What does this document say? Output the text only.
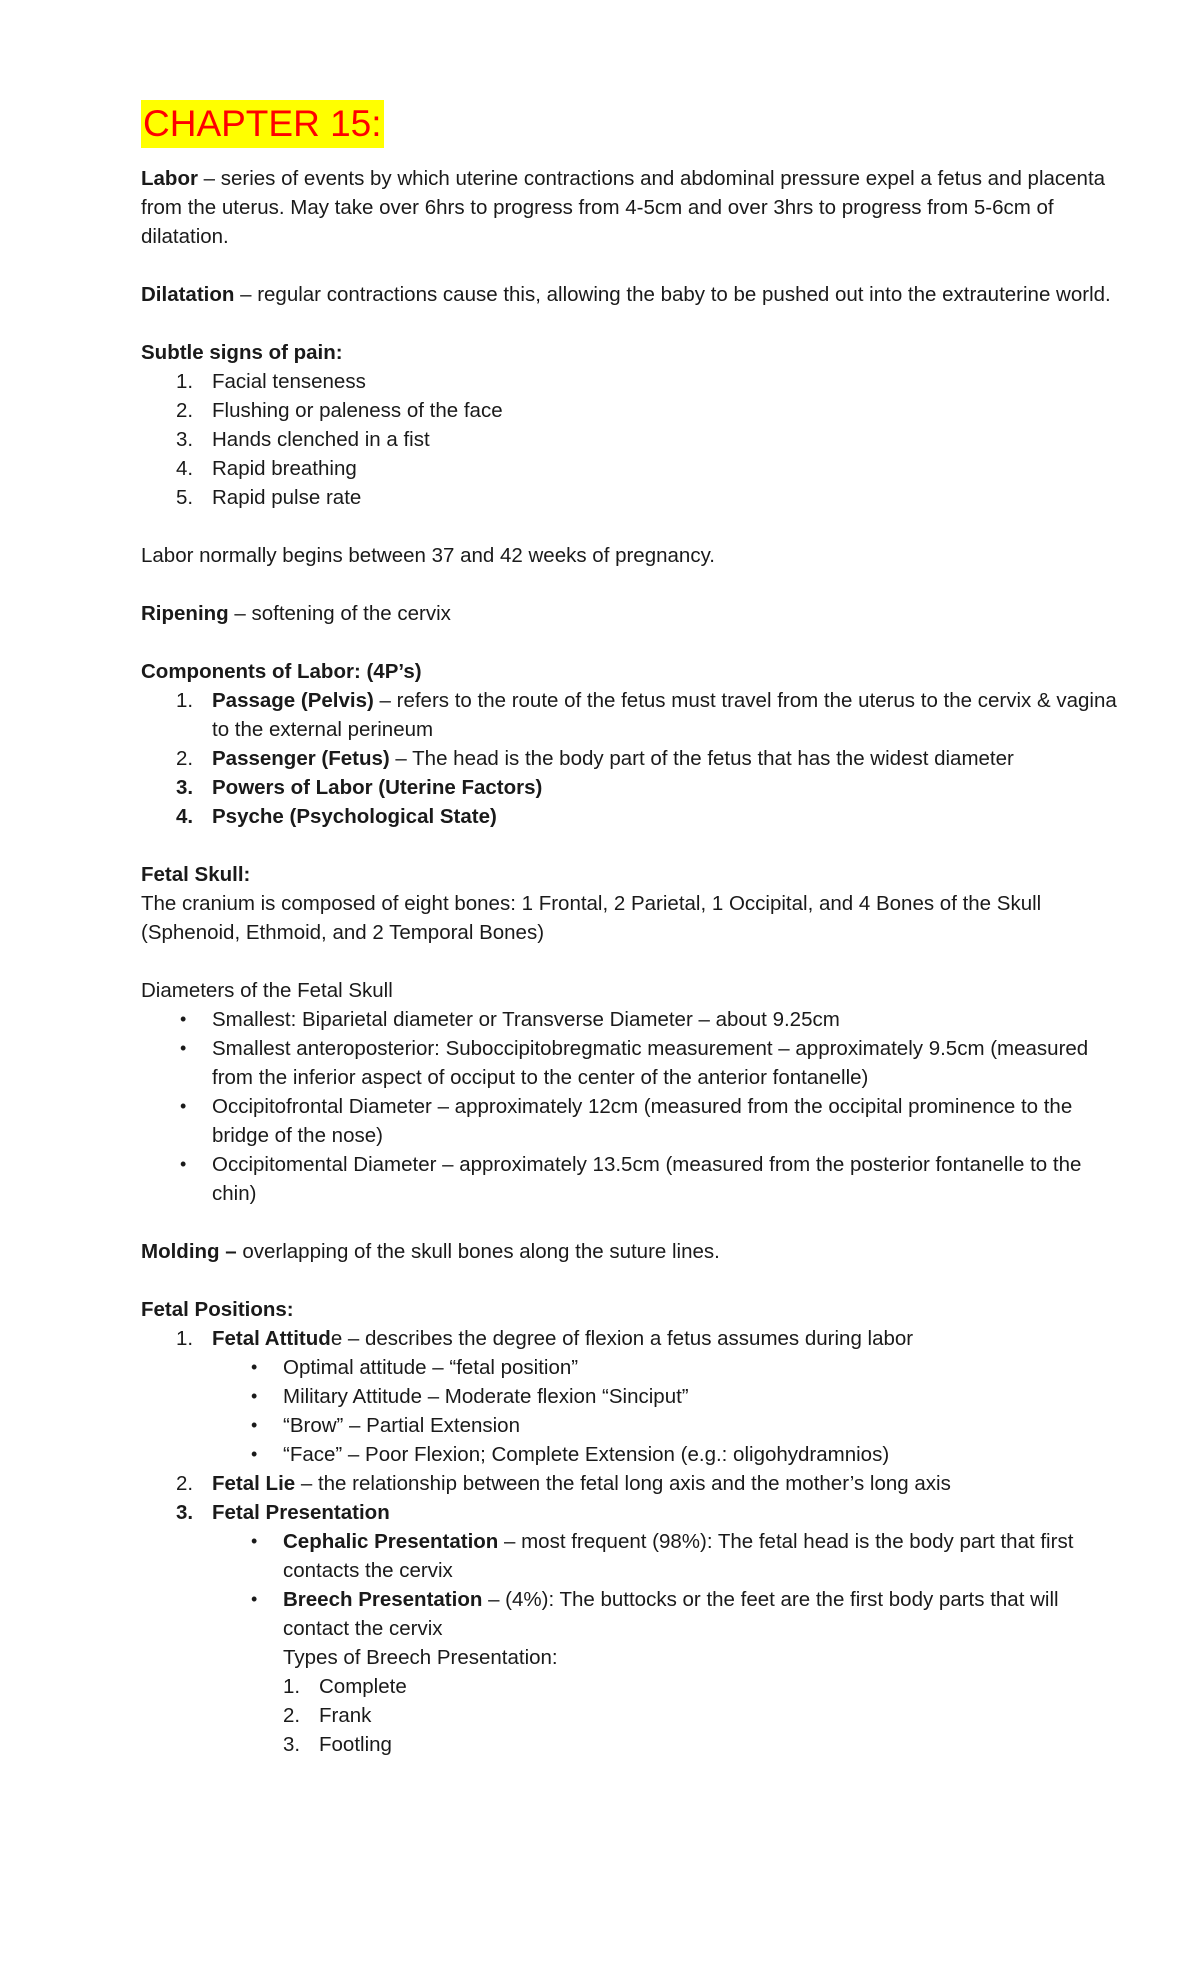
CHAPTER 15:

Labor – series of events by which uterine contractions and abdominal pressure expel a fetus and placenta from the uterus. May take over 6hrs to progress from 4-5cm and over 3hrs to progress from 5-6cm of dilatation.

Dilatation – regular contractions cause this, allowing the baby to be pushed out into the extrauterine world.

Subtle signs of pain:

1. Facial tenseness
2. Flushing or paleness of the face
3. Hands clenched in a fist
4. Rapid breathing
5. Rapid pulse rate

Labor normally begins between 37 and 42 weeks of pregnancy.

Ripening – softening of the cervix

Components of Labor: (4P’s)

1. Passage (Pelvis) – refers to the route of the fetus must travel from the uterus to the cervix & vagina to the external perineum
2. Passenger (Fetus) – The head is the body part of the fetus that has the widest diameter
3. Powers of Labor (Uterine Factors)
4. Psyche (Psychological State)

Fetal Skull:

The cranium is composed of eight bones: 1 Frontal, 2 Parietal, 1 Occipital, and 4 Bones of the Skull (Sphenoid, Ethmoid, and 2 Temporal Bones)

Diameters of the Fetal Skull

• Smallest: Biparietal diameter or Transverse Diameter – about 9.25cm
• Smallest anteroposterior: Suboccipitobregmatic measurement – approximately 9.5cm (measured from the inferior aspect of occiput to the center of the anterior fontanelle)
• Occipitofrontal Diameter – approximately 12cm (measured from the occipital prominence to the bridge of the nose)
• Occipitomental Diameter – approximately 13.5cm (measured from the posterior fontanelle to the chin)

Molding – overlapping of the skull bones along the suture lines.

Fetal Positions:

1. Fetal Attitude – describes the degree of flexion a fetus assumes during labor
• Optimal attitude – “fetal position”
• Military Attitude – Moderate flexion “Sinciput”
• “Brow” – Partial Extension
• “Face” – Poor Flexion; Complete Extension (e.g.: oligohydramnios)
2. Fetal Lie – the relationship between the fetal long axis and the mother’s long axis
3. Fetal Presentation
• Cephalic Presentation – most frequent (98%): The fetal head is the body part that first contacts the cervix
• Breech Presentation – (4%): The buttocks or the feet are the first body parts that will contact the cervix
Types of Breech Presentation:
1. Complete
2. Frank
3. Footling
